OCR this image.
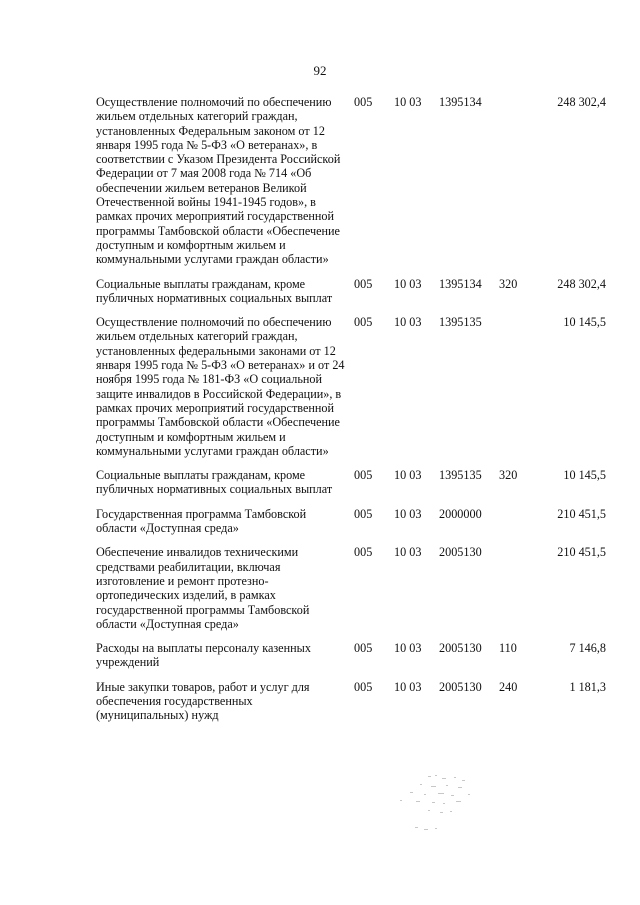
92
Осуществление полномочий по обеспечению жильем отдельных категорий граждан, установленных Федеральным законом от 12 января 1995 года № 5-ФЗ «О ветеранах», в соответствии с Указом Президента Российской Федерации от 7 мая 2008 года № 714 «Об обеспечении жильем ветеранов Великой Отечественной войны 1941-1945 годов», в рамках прочих мероприятий государственной программы Тамбовской области «Обеспечение доступным и комфортным жильем и коммунальными услугами граждан области»	005	10 03	1395134		248 302,4

Социальные выплаты гражданам, кроме публичных нормативных социальных выплат	005	10 03	1395134	320	248 302,4

Осуществление полномочий по обеспечению жильем отдельных категорий граждан, установленных федеральными законами от 12 января 1995 года № 5-ФЗ «О ветеранах» и от 24 ноября 1995 года № 181-ФЗ «О социальной защите инвалидов в Российской Федерации», в рамках прочих мероприятий государственной программы Тамбовской области «Обеспечение доступным и комфортным жильем и коммунальными услугами граждан области»	005	10 03	1395135		10 145,5

Социальные выплаты гражданам, кроме публичных нормативных социальных выплат	005	10 03	1395135	320	10 145,5

Государственная программа Тамбовской области «Доступная среда»	005	10 03	2000000		210 451,5

Обеспечение инвалидов техническими средствами реабилитации, включая изготовление и ремонт протезно-ортопедических изделий, в рамках государственной программы Тамбовской области «Доступная среда»	005	10 03	2005130		210 451,5

Расходы на выплаты персоналу казенных учреждений	005	10 03	2005130	110	7 146,8

Иные закупки товаров, работ и услуг для обеспечения государственных (муниципальных) нужд	005	10 03	2005130	240	1 181,3
